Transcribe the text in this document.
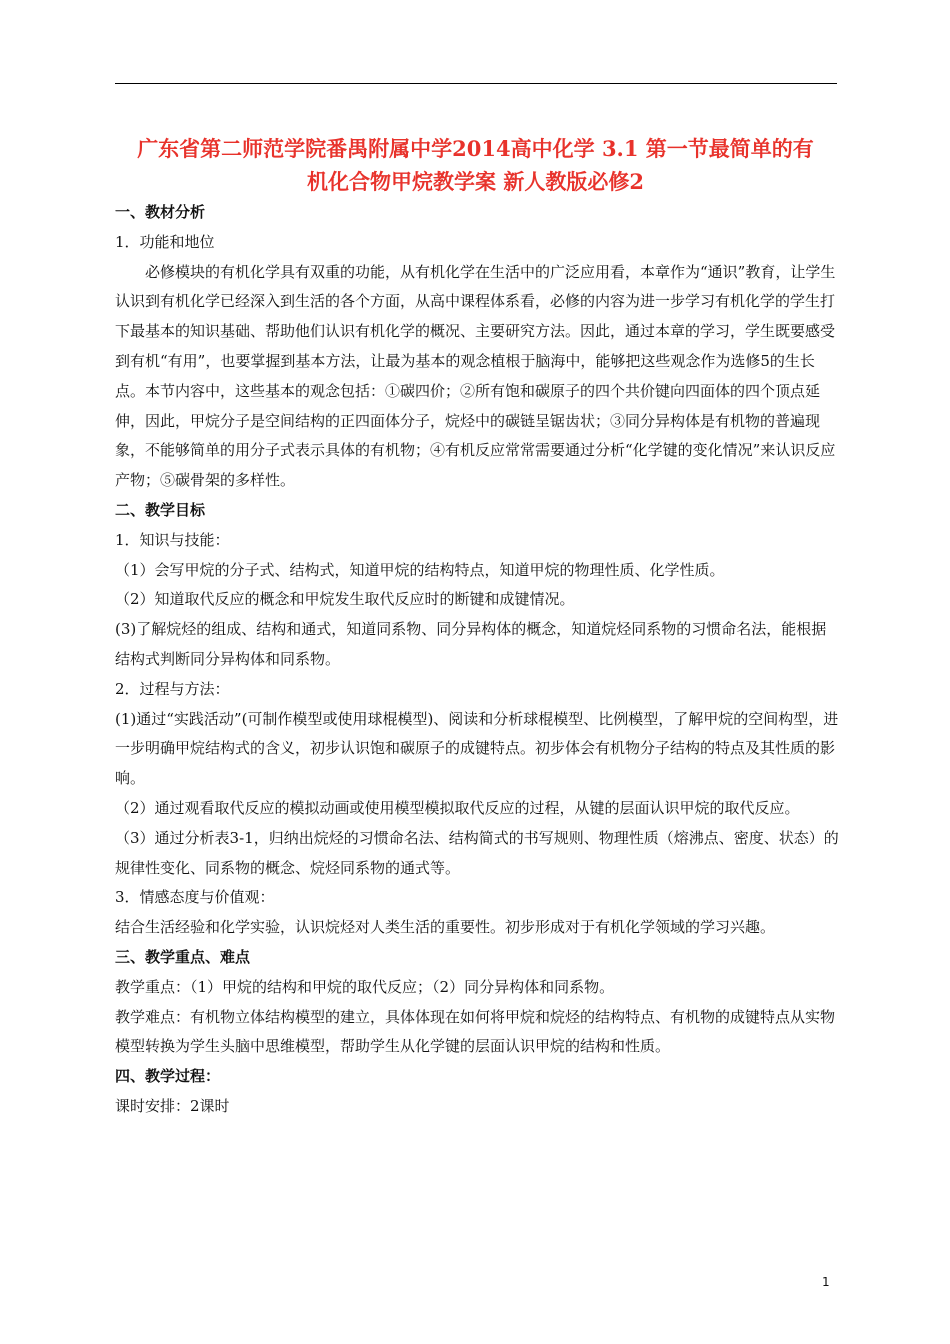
广东省第二师范学院番禺附属中学2014高中化学 3.1 第一节最简单的有
机化合物甲烷教学案 新人教版必修2

一、教材分析

1．功能和地位

必修模块的有机化学具有双重的功能，从有机化学在生活中的广泛应用看，本章作为“通识”教育，让学生认识到有机化学已经深入到生活的各个方面，从高中课程体系看，必修的内容为进一步学习有机化学的学生打下最基本的知识基础、帮助他们认识有机化学的概况、主要研究方法。因此，通过本章的学习，学生既要感受到有机“有用”，也要掌握到基本方法，让最为基本的观念植根于脑海中，能够把这些观念作为选修5的生长点。本节内容中，这些基本的观念包括：①碳四价；②所有饱和碳原子的四个共价键向四面体的四个顶点延伸，因此，甲烷分子是空间结构的正四面体分子，烷烃中的碳链呈锯齿状；③同分异构体是有机物的普遍现象，不能够简单的用分子式表示具体的有机物；④有机反应常常需要通过分析“化学键的变化情况”来认识反应产物；⑤碳骨架的多样性。

二、教学目标

1．知识与技能：

（1）会写甲烷的分子式、结构式，知道甲烷的结构特点，知道甲烷的物理性质、化学性质。

（2）知道取代反应的概念和甲烷发生取代反应时的断键和成键情况。

(3)了解烷烃的组成、结构和通式，知道同系物、同分异构体的概念，知道烷烃同系物的习惯命名法，能根据结构式判断同分异构体和同系物。

2．过程与方法：

(1)通过“实践活动”(可制作模型或使用球棍模型)、阅读和分析球棍模型、比例模型，了解甲烷的空间构型，进一步明确甲烷结构式的含义，初步认识饱和碳原子的成键特点。初步体会有机物分子结构的特点及其性质的影响。

（2）通过观看取代反应的模拟动画或使用模型模拟取代反应的过程，从键的层面认识甲烷的取代反应。

（3）通过分析表3-1，归纳出烷烃的习惯命名法、结构简式的书写规则、物理性质（熔沸点、密度、状态）的规律性变化、同系物的概念、烷烃同系物的通式等。

3．情感态度与价值观：

结合生活经验和化学实验，认识烷烃对人类生活的重要性。初步形成对于有机化学领域的学习兴趣。

三、教学重点、难点

教学重点：（1）甲烷的结构和甲烷的取代反应；（2）同分异构体和同系物。

教学难点：有机物立体结构模型的建立，具体体现在如何将甲烷和烷烃的结构特点、有机物的成键特点从实物模型转换为学生头脑中思维模型，帮助学生从化学键的层面认识甲烷的结构和性质。

四、教学过程：

课时安排：2课时

1
